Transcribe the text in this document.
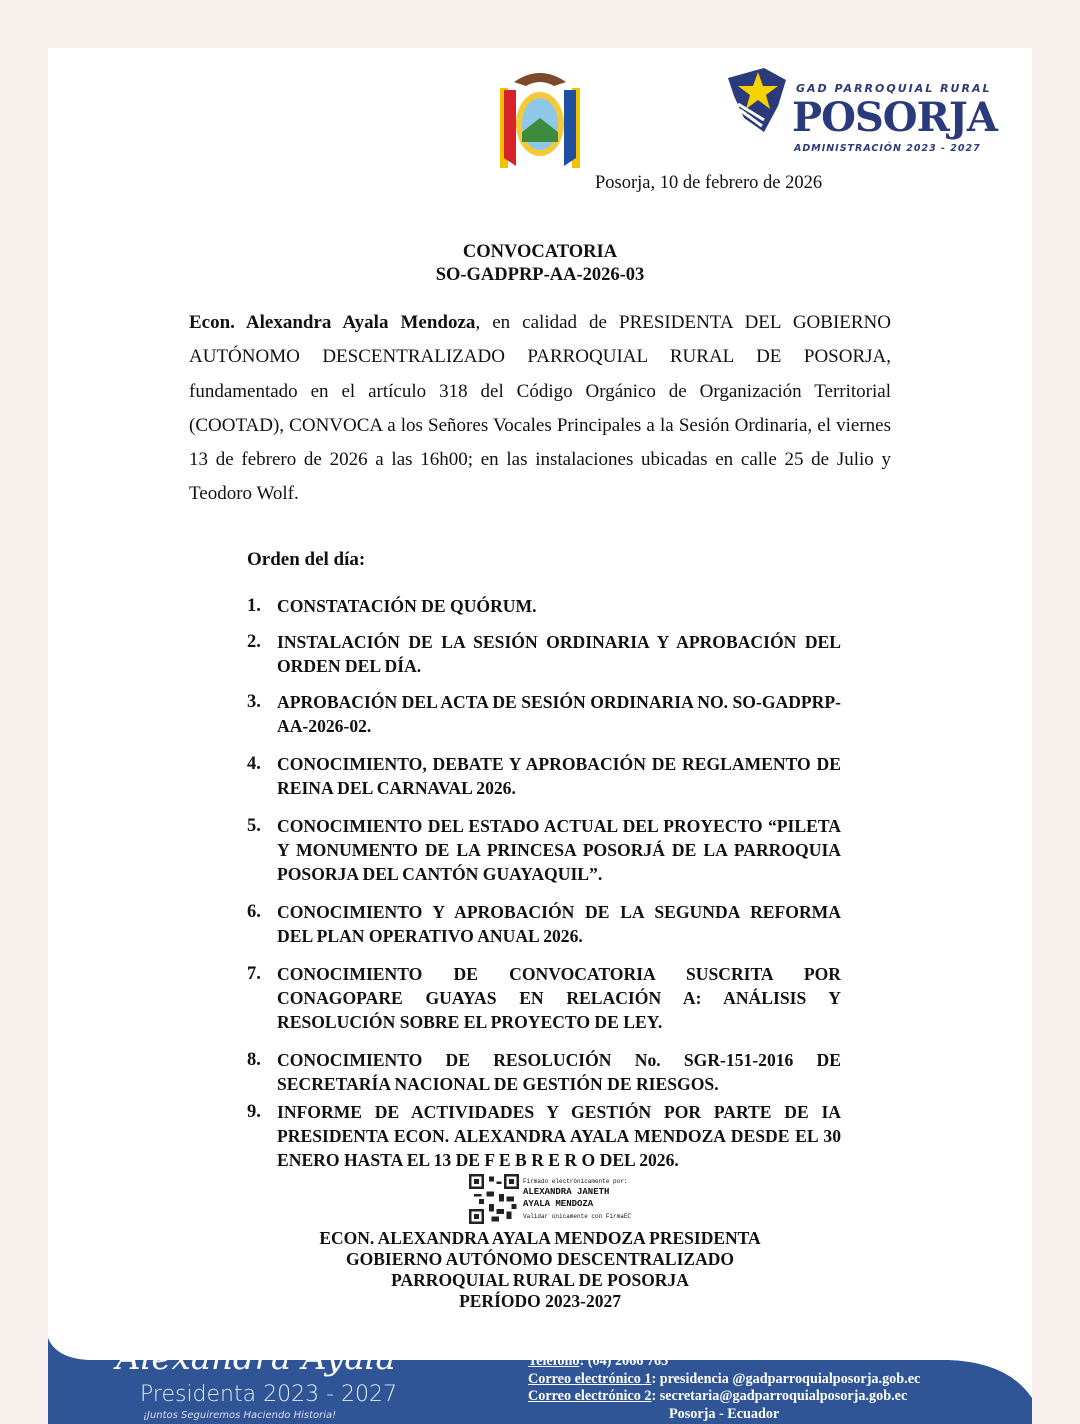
GAD PARROQUIAL RURAL
POSORJA
ADMINISTRACIÓN 2023 - 2027
Posorja, 10 de febrero de 2026
CONVOCATORIA
SO-GADPRP-AA-2026-03
Econ. Alexandra Ayala Mendoza, en calidad de PRESIDENTA DEL GOBIERNO AUTÓNOMO DESCENTRALIZADO PARROQUIAL RURAL DE POSORJA, fundamentado en el artículo 318 del Código Orgánico de Organización Territorial (COOTAD), CONVOCA a los Señores Vocales Principales a la Sesión Ordinaria, el viernes 13 de febrero de 2026 a las 16h00; en las instalaciones ubicadas en calle 25 de Julio y Teodoro Wolf.
Orden del día:
1. CONSTATACIÓN DE QUÓRUM.
2. INSTALACIÓN DE LA SESIÓN ORDINARIA Y APROBACIÓN DEL ORDEN DEL DÍA.
3. APROBACIÓN DEL ACTA DE SESIÓN ORDINARIA NO. SO-GADPRP-AA-2026-02.
4. CONOCIMIENTO, DEBATE Y APROBACIÓN DE REGLAMENTO DE REINA DEL CARNAVAL 2026.
5. CONOCIMIENTO DEL ESTADO ACTUAL DEL PROYECTO “PILETA Y MONUMENTO DE LA PRINCESA POSORJÁ DE LA PARROQUIA POSORJA DEL CANTÓN GUAYAQUIL”.
6. CONOCIMIENTO Y APROBACIÓN DE LA SEGUNDA REFORMA DEL PLAN OPERATIVO ANUAL 2026.
7. CONOCIMIENTO DE CONVOCATORIA SUSCRITA POR CONAGOPARE GUAYAS EN RELACIÓN A: ANÁLISIS Y RESOLUCIÓN SOBRE EL PROYECTO DE LEY.
8. CONOCIMIENTO DE RESOLUCIÓN No. SGR-151-2016 DE SECRETARÍA NACIONAL DE GESTIÓN DE RIESGOS.
9. INFORME DE ACTIVIDADES Y GESTIÓN POR PARTE DE IA PRESIDENTA ECON. ALEXANDRA AYALA MENDOZA DESDE EL 30 ENERO HASTA EL 13 DE F E B R E R O DEL 2026.
Firmado electrónicamente por:
ALEXANDRA JANETH
AYALA MENDOZA
Validar únicamente con FirmaEC
ECON. ALEXANDRA AYALA MENDOZA PRESIDENTA
GOBIERNO AUTÓNOMO DESCENTRALIZADO
PARROQUIAL RURAL DE POSORJA
PERÍODO 2023-2027
Alexandra Ayala
Presidenta 2023 - 2027
¡Juntos Seguiremos Haciendo Historia!
Dirección: Calle 25 de Julio y Natividad Flores, mz 27, solar 2.
Teléfono: (04) 2066 765
Correo electrónico 1: presidencia @gadparroquialposorja.gob.ec
Correo electrónico 2: secretaria@gadparroquialposorja.gob.ec
Posorja - Ecuador
